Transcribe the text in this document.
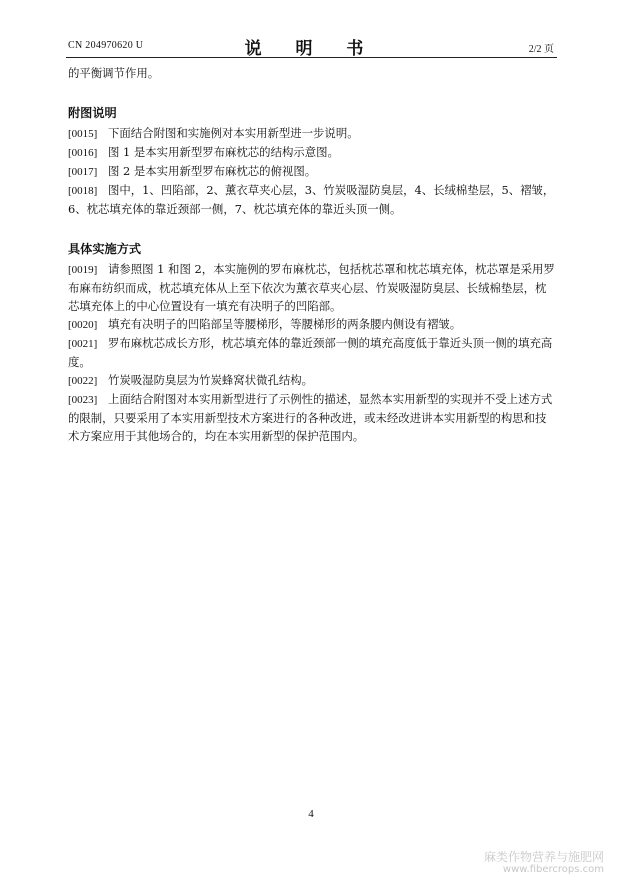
CN 204970620 U	说 明 书	2/2 页

的平衡调节作用。

附图说明
[0015] 下面结合附图和实施例对本实用新型进一步说明。
[0016] 图 1 是本实用新型罗布麻枕芯的结构示意图。
[0017] 图 2 是本实用新型罗布麻枕芯的俯视图。
[0018] 图中，1、凹陷部，2、薰衣草夹心层，3、竹炭吸湿防臭层，4、长绒棉垫层，5、褶皱，6、枕芯填充体的靠近颈部一侧，7、枕芯填充体的靠近头顶一侧。
具体实施方式
[0019] 请参照图 1 和图 2，本实施例的罗布麻枕芯，包括枕芯罩和枕芯填充体，枕芯罩是采用罗布麻布纺织而成，枕芯填充体从上至下依次为薰衣草夹心层、竹炭吸湿防臭层、长绒棉垫层，枕芯填充体上的中心位置设有一填充有决明子的凹陷部。
[0020] 填充有决明子的凹陷部呈等腰梯形，等腰梯形的两条腰内侧设有褶皱。
[0021] 罗布麻枕芯成长方形，枕芯填充体的靠近颈部一侧的填充高度低于靠近头顶一侧的填充高度。
[0022] 竹炭吸湿防臭层为竹炭蜂窝状微孔结构。
[0023] 上面结合附图对本实用新型进行了示例性的描述，显然本实用新型的实现并不受上述方式的限制，只要采用了本实用新型技术方案进行的各种改进，或未经改进讲本实用新型的构思和技术方案应用于其他场合的，均在本实用新型的保护范围内。
4
麻类作物营养与施肥网
www.fibercrops.com
